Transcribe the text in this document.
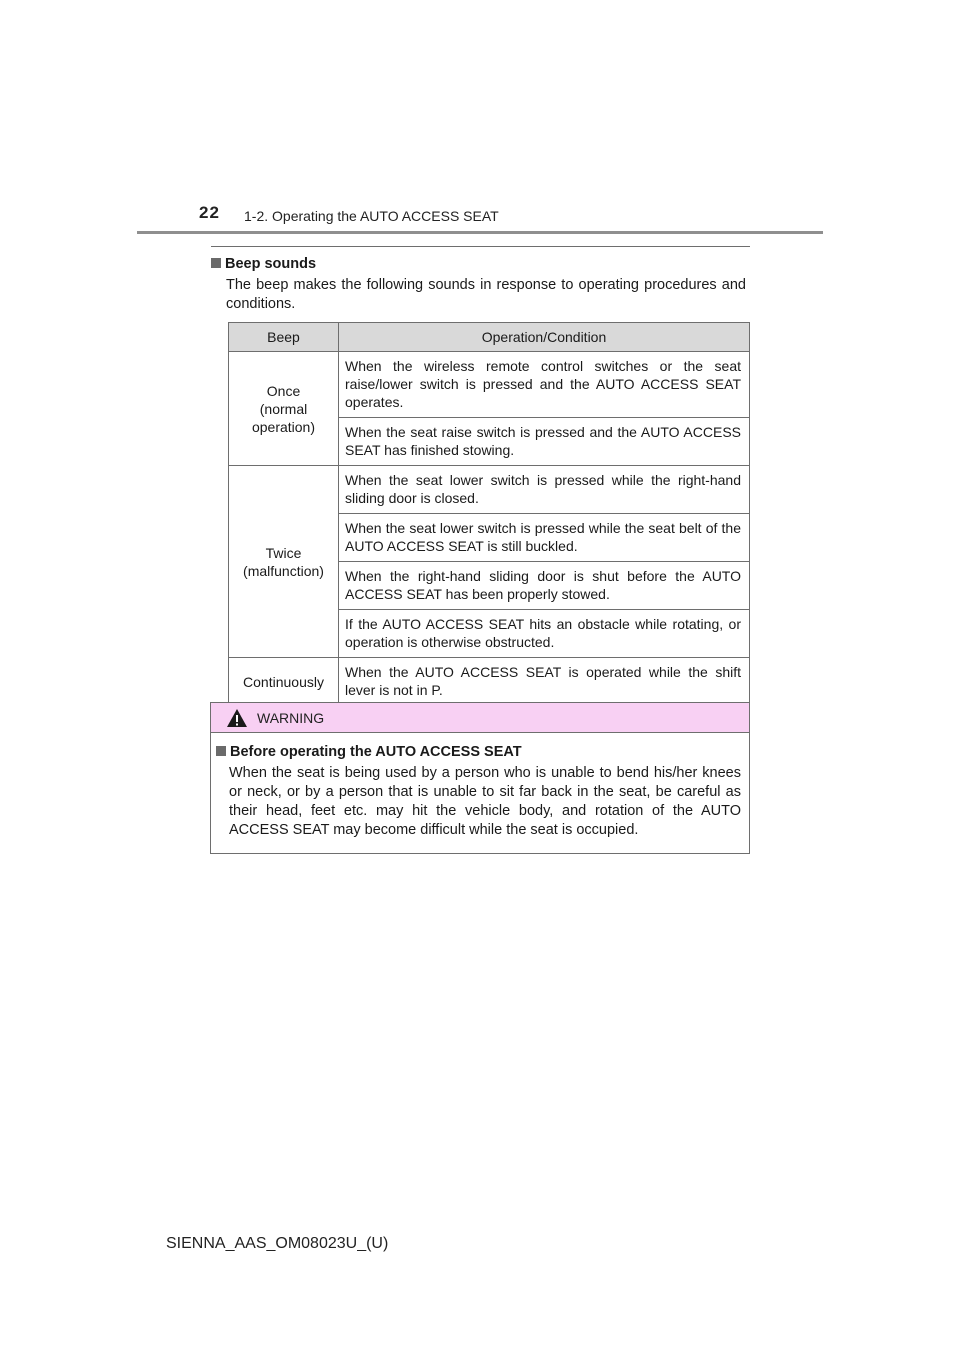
22 1-2. Operating the AUTO ACCESS SEAT
Beep sounds

The beep makes the following sounds in response to operating procedures and conditions.

Beep	Operation/Condition
Once
(normal
operation)	When the wireless remote control switches or the seat raise/lower switch is pressed and the AUTO ACCESS SEAT operates.
	When the seat raise switch is pressed and the AUTO ACCESS SEAT has finished stowing.
Twice
(malfunction)	When the seat lower switch is pressed while the right-hand sliding door is closed.
	When the seat lower switch is pressed while the seat belt of the AUTO ACCESS SEAT is still buckled.
	When the right-hand sliding door is shut before the AUTO ACCESS SEAT has been properly stowed.
	If the AUTO ACCESS SEAT hits an obstacle while rotating, or operation is otherwise obstructed.
Continuously	When the AUTO ACCESS SEAT is operated while the shift lever is not in P.
WARNING
Before operating the AUTO ACCESS SEAT

When the seat is being used by a person who is unable to bend his/her knees or neck, or by a person that is unable to sit far back in the seat, be careful as their head, feet etc. may hit the vehicle body, and rotation of the AUTO ACCESS SEAT may become difficult while the seat is occupied.

SIENNA_AAS_OM08023U_(U)
